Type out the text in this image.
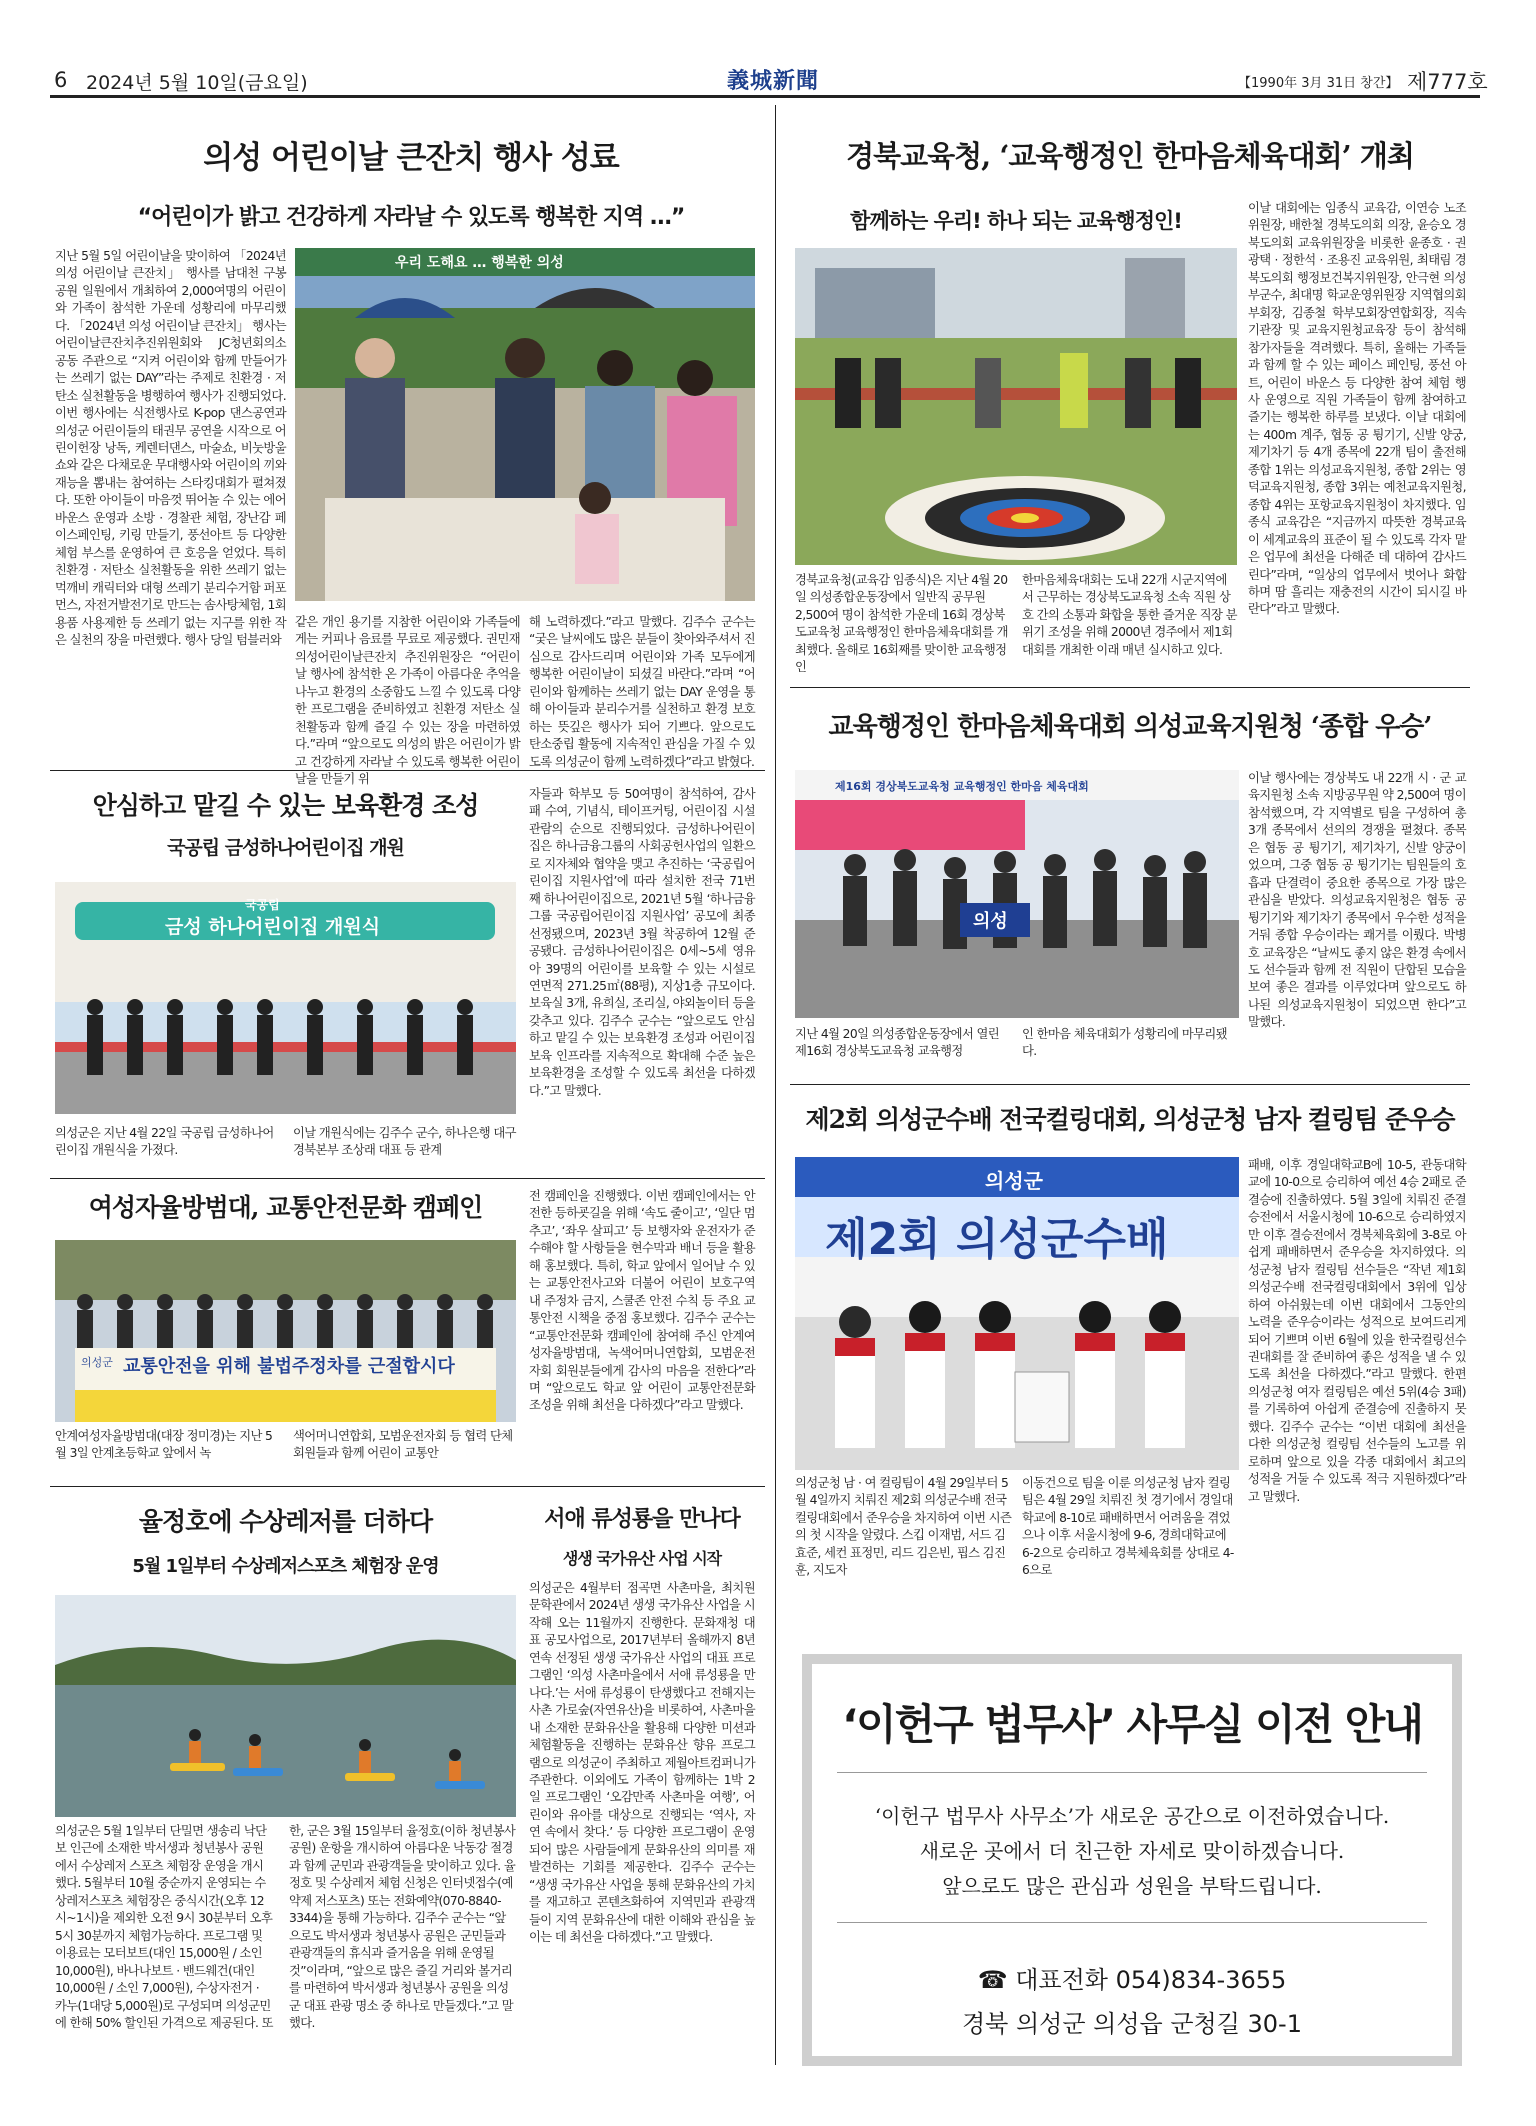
6 2024년 5월 10일(금요일)	義城新聞	【1990年 3月 31日 창간】 제777호
의성 어린이날 큰잔치 행사 성료
“어린이가 밝고 건강하게 자라날 수 있도록 행복한 지역 …”
지난 5월 5일 어린이날을 맞이하여 「2024년 의성 어린이날 큰잔치」 행사를 남대천 구봉공원 일원에서 개최하여 2,000여명의 어린이와 가족이 참석한 가운데 성황리에 마무리했다. 「2024년 의성 어린이날 큰잔치」 행사는 어린이날큰잔치추진위원회와 JC청년회의소 공동 주관으로 “지켜 어린이와 함께 만들어가는 쓰레기 없는 DAY”라는 주제로 친환경 · 저탄소 실천활동을 병행하여 행사가 진행되었다. 이번 행사에는 식전행사로 K-pop 댄스공연과 의성군 어린이들의 태권무 공연을 시작으로 어린이헌장 낭독, 케렌터댄스, 마술쇼, 비눗방울쇼와 같은 다채로운 무대행사와 어린이의 끼와 재능을 뽐내는 참여하는 스타킹대회가 펼쳐졌다. 또한 아이들이 마음껏 뛰어놀 수 있는 에어바운스 운영과 소방 · 경찰관 체험, 장난감 페이스페인팅, 키링 만들기, 풍선아트 등 다양한 체험 부스를 운영하여 큰 호응을 얻었다. 특히 친환경 · 저탄소 실천활동을 위한 쓰레기 없는 먹깨비 캐릭터와 대형 쓰레기 분리수거함 퍼포먼스, 자전거발전기로 만드는 솜사탕체험, 1회용품 사용제한 등 쓰레기 없는 지구를 위한 작은 실천의 장을 마련했다. 행사 당일 텀블러와
우리 도해요 … 행복한 의성
같은 개인 용기를 지참한 어린이와 가족들에게는 커피나 음료를 무료로 제공했다. 권민재 의성어린이날큰잔치 추진위원장은 “어린이날 행사에 참석한 온 가족이 아름다운 추억을 나누고 환경의 소중함도 느낄 수 있도록 다양한 프로그램을 준비하였고 친환경 저탄소 실천활동과 함께 즐길 수 있는 장을 마련하였다.”라며 “앞으로도 의성의 밝은 어린이가 밝고 건강하게 자라날 수 있도록 행복한 어린이날을 만들기 위
해 노력하겠다.”라고 말했다. 김주수 군수는 “궂은 날씨에도 많은 분들이 찾아와주셔서 진심으로 감사드리며 어린이와 가족 모두에게 행복한 어린이날이 되셨길 바란다.”라며 “어린이와 함께하는 쓰레기 없는 DAY 운영을 통해 아이들과 분리수거를 실천하고 환경 보호하는 뜻깊은 행사가 되어 기쁘다. 앞으로도 탄소중립 활동에 지속적인 관심을 가질 수 있도록 의성군이 함께 노력하겠다”라고 밝혔다.
경북교육청, ‘교육행정인 한마음체육대회’ 개최
함께하는 우리! 하나 되는 교육행정인!
경북교육청(교육감 임종식)은 지난 4월 20일 의성종합운동장에서 일반직 공무원 2,500여 명이 참석한 가운데 16회 경상북도교육청 교육행정인 한마음체육대회를 개최했다. 올해로 16회째를 맞이한 교육행정인
한마음체육대회는 도내 22개 시군지역에서 근무하는 경상북도교육청 소속 직원 상호 간의 소통과 화합을 통한 즐거운 직장 분위기 조성을 위해 2000년 경주에서 제1회 대회를 개최한 이래 매년 실시하고 있다.
이날 대회에는 임종식 교육감, 이연승 노조위원장, 배한철 경북도의회 의장, 윤승오 경북도의회 교육위원장을 비롯한 윤종호 · 권광택 · 정한석 · 조용진 교육위원, 최태림 경북도의회 행정보건복지위원장, 안극현 의성 부군수, 최대명 학교운영위원장 지역협의회부회장, 김종철 학부모회장연합회장, 직속기관장 및 교육지원청교육장 등이 참석해 참가자들을 격려했다. 특히, 올해는 가족들과 함께 할 수 있는 페이스 페인팅, 풍선 아트, 어린이 바운스 등 다양한 참여 체험 행사 운영으로 직원 가족들이 함께 참여하고 즐기는 행복한 하루를 보냈다. 이날 대회에는 400m 계주, 협동 공 튕기기, 신발 양궁, 제기차기 등 4개 종목에 22개 팀이 출전해 종합 1위는 의성교육지원청, 종합 2위는 영덕교육지원청, 종합 3위는 예천교육지원청, 종합 4위는 포항교육지원청이 차지했다. 임종식 교육감은 “지금까지 따뜻한 경북교육이 세계교육의 표준이 될 수 있도록 각자 맡은 업무에 최선을 다해준 데 대하여 감사드린다”라며, “일상의 업무에서 벗어나 화합하며 땀 흘리는 재충전의 시간이 되시길 바란다”라고 말했다.
교육행정인 한마음체육대회 의성교육지원청 ‘종합 우승’
제16회 경상북도교육청 교육행정인 한마음 체육대회
의성
지난 4월 20일 의성종합운동장에서 열린 제16회 경상북도교육청 교육행정
인 한마음 체육대회가 성황리에 마무리됐다.
이날 행사에는 경상북도 내 22개 시 · 군 교육지원청 소속 지방공무원 약 2,500여 명이 참석했으며, 각 지역별로 팀을 구성하여 총 3개 종목에서 선의의 경쟁을 펼쳤다. 종목은 협동 공 튕기기, 제기차기, 신발 양궁이었으며, 그중 협동 공 튕기기는 팀원들의 호흡과 단결력이 중요한 종목으로 가장 많은 관심을 받았다. 의성교육지원청은 협동 공 튕기기와 제기차기 종목에서 우수한 성적을 거둬 종합 우승이라는 쾌거를 이뤘다. 박병호 교육장은 “날씨도 좋지 않은 환경 속에서도 선수들과 함께 전 직원이 단합된 모습을 보여 좋은 결과를 이루었다며 앞으로도 하나된 의성교육지원청이 되었으면 한다”고 말했다.
제2회 의성군수배 전국컬링대회, 의성군청 남자 컬링팀 준우승
의성군
제2회 의성군수배
의성군청 남 · 여 컬링팀이 4월 29일부터 5월 4일까지 치뤄진 제2회 의성군수배 전국컬링대회에서 준우승을 차지하여 이번 시즌의 첫 시작을 알렸다. 스킵 이재범, 서드 김효준, 세컨 표정민, 리드 김은빈, 핍스 김진훈, 지도자
이동건으로 팀을 이룬 의성군청 남자 컬링팀은 4월 29일 치뤄진 첫 경기에서 경일대학교에 8-10로 패배하면서 어려움을 겪었으나 이후 서울시청에 9-6, 경희대학교에 6-2으로 승리하고 경북체육회를 상대로 4-6으로
패배, 이후 경일대학교B에 10-5, 관동대학교에 10-0으로 승리하여 예선 4승 2패로 준결승에 진출하였다. 5월 3일에 치뤄진 준결승전에서 서울시청에 10-6으로 승리하였지만 이후 결승전에서 경북체육회에 3-8로 아쉽게 패배하면서 준우승을 차지하였다. 의성군청 남자 컬링팀 선수들은 “작년 제1회 의성군수배 전국컬링대회에서 3위에 입상하여 아쉬웠는데 이번 대회에서 그동안의 노력을 준우승이라는 성적으로 보여드리게 되어 기쁘며 이번 6월에 있을 한국컬링선수권대회를 잘 준비하여 좋은 성적을 낼 수 있도록 최선을 다하겠다.”라고 말했다. 한편 의성군청 여자 컬링팀은 예선 5위(4승 3패)를 기록하여 아쉽게 준결승에 진출하지 못했다. 김주수 군수는 “이번 대회에 최선을 다한 의성군청 컬링팀 선수들의 노고를 위로하며 앞으로 있을 각종 대회에서 최고의 성적을 거둘 수 있도록 적극 지원하겠다”라고 말했다.
‘이헌구 법무사’ 사무실 이전 안내
‘이헌구 법무사 사무소’가 새로운 공간으로 이전하였습니다.
새로운 곳에서 더 친근한 자세로 맞이하겠습니다.
앞으로도 많은 관심과 성원을 부탁드립니다.
☎ 대표전화 054)834-3655
경북 의성군 의성읍 군청길 30-1
안심하고 맡길 수 있는 보육환경 조성
국공립 금성하나어린이집 개원
국공립
금성 하나어린이집 개원식
의성군은 지난 4월 22일 국공립 금성하나어린이집 개원식을 가졌다.
이날 개원식에는 김주수 군수, 하나은행 대구경북본부 조상래 대표 등 관계
자들과 학부모 등 50여명이 참석하여, 감사패 수여, 기념식, 테이프커팅, 어린이집 시설관람의 순으로 진행되었다. 금성하나어린이집은 하나금융그룹의 사회공헌사업의 일환으로 지자체와 협약을 맺고 추진하는 ‘국공립어린이집 지원사업’에 따라 설치한 전국 71번째 하나어린이집으로, 2021년 5월 ‘하나금융그룹 국공립어린이집 지원사업’ 공모에 최종 선정됐으며, 2023년 3월 착공하여 12월 준공됐다. 금성하나어린이집은 0세~5세 영유아 39명의 어린이를 보육할 수 있는 시설로 연면적 271.25㎡(88평), 지상1층 규모이다. 보육실 3개, 유희실, 조리실, 야외놀이터 등을 갖추고 있다. 김주수 군수는 “앞으로도 안심하고 맡길 수 있는 보육환경 조성과 어린이집 보육 인프라를 지속적으로 확대해 수준 높은 보육환경을 조성할 수 있도록 최선을 다하겠다.”고 말했다.
여성자율방범대, 교통안전문화 캠페인
의성군 교통안전을 위해 불법주정차를 근절합시다
안계여성자율방범대(대장 정미경)는 지난 5월 3일 안계초등학교 앞에서 녹
색어머니연합회, 모범운전자회 등 협력 단체 회원들과 함께 어린이 교통안
전 캠페인을 진행했다. 이번 캠페인에서는 안전한 등하굣길을 위해 ‘속도 줄이고’, ‘일단 멈추고’, ‘좌우 살피고’ 등 보행자와 운전자가 준수해야 할 사항들을 현수막과 배너 등을 활용해 홍보했다. 특히, 학교 앞에서 일어날 수 있는 교통안전사고와 더불어 어린이 보호구역 내 주정차 금지, 스쿨존 안전 수칙 등 주요 교통안전 시책을 중점 홍보했다. 김주수 군수는 “교통안전문화 캠페인에 참여해 주신 안계여성자율방범대, 녹색어머니연합회, 모범운전자회 회원분들에게 감사의 마음을 전한다”라며 “앞으로도 학교 앞 어린이 교통안전문화 조성을 위해 최선을 다하겠다”라고 말했다.
율정호에 수상레저를 더하다
5월 1일부터 수상레저스포츠 체험장 운영
의성군은 5월 1일부터 단밀면 생송리 낙단보 인근에 소재한 박서생과 청년봉사 공원에서 수상레저 스포츠 체험장 운영을 개시했다. 5월부터 10월 중순까지 운영되는 수상레저스포츠 체험장은 중식시간(오후 12시~1시)을 제외한 오전 9시 30분부터 오후 5시 30분까지 체험가능하다. 프로그램 및 이용료는 모터보트(대인 15,000원 / 소인 10,000원), 바나나보트 · 밴드웨건(대인 10,000원 / 소인 7,000원), 수상자전거 · 카누(1대당 5,000원)로 구성되며 의성군민에 한해 50% 할인된 가격으로 제공된다. 또
한, 군은 3월 15일부터 율정호(이하 청년봉사 공원) 운항을 개시하여 아름다운 낙동강 절경과 함께 군민과 관광객들을 맞이하고 있다. 율정호 및 수상레저 체험 신청은 인터넷접수(예약제 저스포츠) 또는 전화예약(070-8840-3344)을 통해 가능하다. 김주수 군수는 “앞으로도 박서생과 청년봉사 공원은 군민들과 관광객들의 휴식과 즐거움을 위해 운영될 것”이라며, “앞으로 많은 즐길 거리와 볼거리를 마련하여 박서생과 청년봉사 공원을 의성군 대표 관광 명소 중 하나로 만들겠다.”고 말했다.
서애 류성룡을 만나다
생생 국가유산 사업 시작
의성군은 4월부터 점곡면 사촌마을, 최치원문학관에서 2024년 생생 국가유산 사업을 시작해 오는 11월까지 진행한다. 문화재청 대표 공모사업으로, 2017년부터 올해까지 8년 연속 선정된 생생 국가유산 사업의 대표 프로그램인 ‘의성 사촌마을에서 서애 류성룡을 만나다.’는 서애 류성룡이 탄생했다고 전해지는 사촌 가로숲(자연유산)을 비롯하여, 사촌마을 내 소재한 문화유산을 활용해 다양한 미션과 체험활동을 진행하는 문화유산 향유 프로그램으로 의성군이 주최하고 제월아트컴퍼니가 주관한다. 이외에도 가족이 함께하는 1박 2일 프로그램인 ‘오감만족 사촌마을 여행’, 어린이와 유아를 대상으로 진행되는 ‘역사, 자연 속에서 찾다.’ 등 다양한 프로그램이 운영되어 많은 사람들에게 문화유산의 의미를 재발견하는 기회를 제공한다. 김주수 군수는 “생생 국가유산 사업을 통해 문화유산의 가치를 재고하고 콘텐츠화하여 지역민과 관광객들이 지역 문화유산에 대한 이해와 관심을 높이는 데 최선을 다하겠다.”고 말했다.
